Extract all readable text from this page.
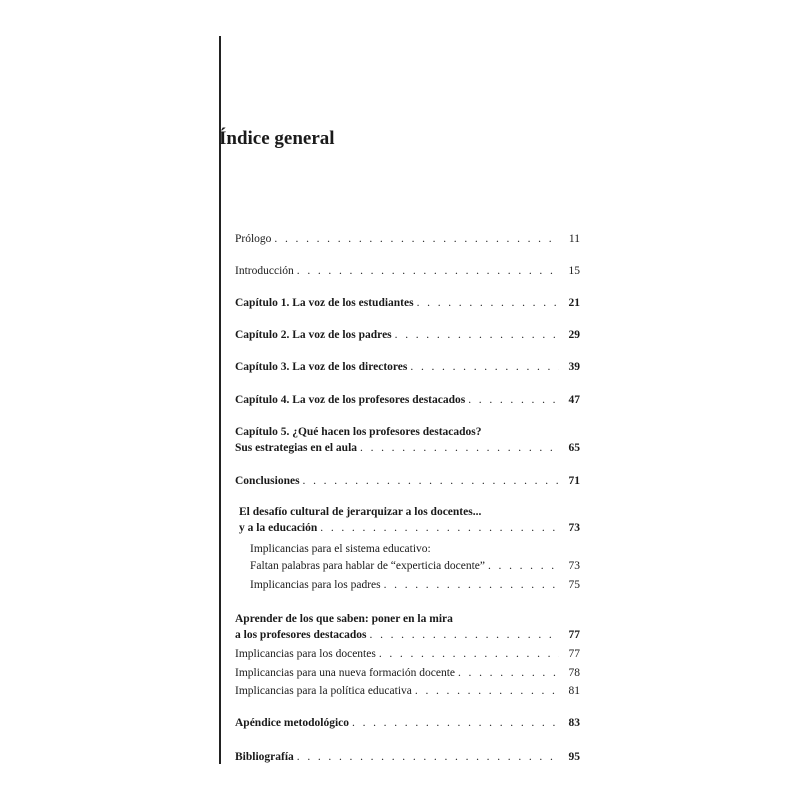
Índice general
Prólogo . . .	11
Introducción . . .	15
Capítulo 1. La voz de los estudiantes . . .	21
Capítulo 2. La voz de los padres . . .	29
Capítulo 3. La voz de los directores . . .	39
Capítulo 4. La voz de los profesores destacados . . .	47
Capítulo 5. ¿Qué hacen los profesores destacados?
Sus estrategias en el aula . . .	65
Conclusiones . . .	71
El desafío cultural de jerarquizar a los docentes...
y a la educación . . .	73
Implicancias para el sistema educativo:
Faltan palabras para hablar de “experticia docente” . . .	73
Implicancias para los padres . . .	75
Aprender de los que saben: poner en la mira
a los profesores destacados . . .	77
Implicancias para los docentes . . .	77
Implicancias para una nueva formación docente . . .	78
Implicancias para la política educativa . . .	81
Apéndice metodológico . . .	83
Bibliografía . . .	95
